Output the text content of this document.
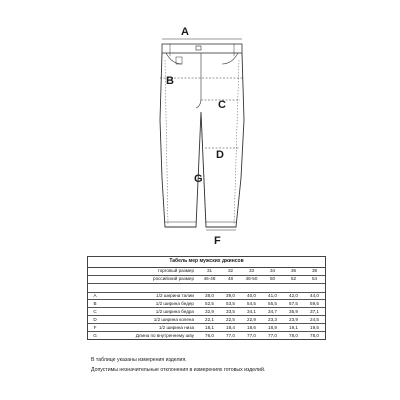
A
B
C
D
G
F
Табель мер мужских джинсов							
	торговый размер	31	32	33	34	36	38
	российский размер	46-48	48	48-50	50	52	54

A	1/2 ширина талии	38,0	39,0	40,0	41,0	42,0	44,0
B	1/2 ширина бедер	52,5	53,5	54,5	55,5	57,5	59,5
C	1/2 ширина бедра	32,9	33,5	34,1	34,7	35,9	37,1
D	1/2 ширина колена	22,1	22,5	22,9	23,3	23,9	24,5
F	1/2 ширина низа	18,1	18,4	18,6	18,9	19,1	19,5
G	Длина по внутреннему шву	76,0	77,0	77,0	77,0	78,0	78,0
В таблице указаны измерения изделия.
Допустимы незначительные отклонения в измерениях готовых изделий.
